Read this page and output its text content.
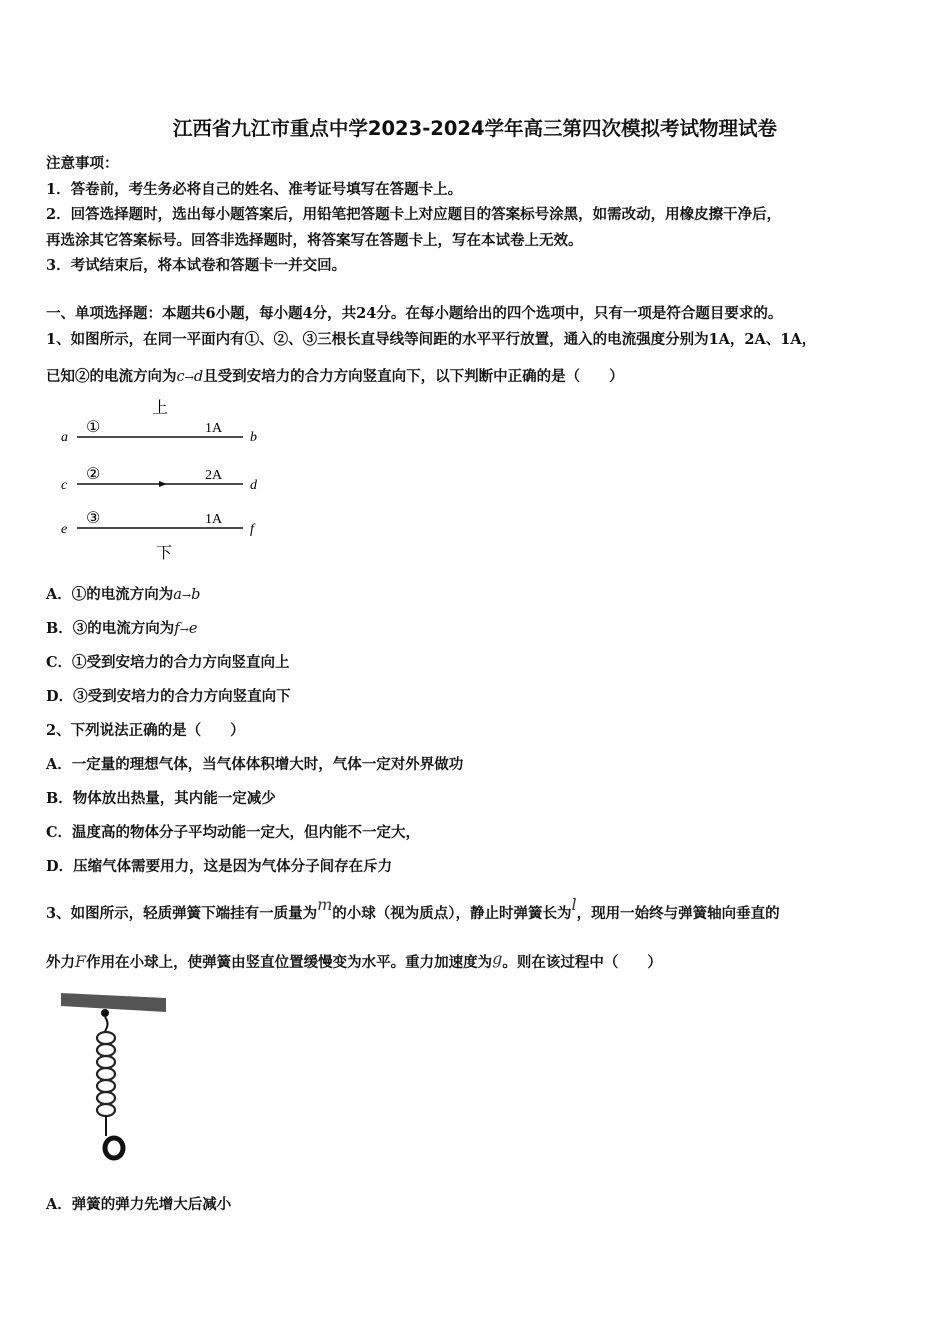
江西省九江市重点中学2023-2024学年高三第四次模拟考试物理试卷
注意事项：
1．答卷前，考生务必将自己的姓名、准考证号填写在答题卡上。
2．回答选择题时，选出每小题答案后，用铅笔把答题卡上对应题目的答案标号涂黑，如需改动，用橡皮擦干净后，
再选涂其它答案标号。回答非选择题时，将答案写在答题卡上，写在本试卷上无效。
3．考试结束后，将本试卷和答题卡一并交回。
一、单项选择题：本题共6小题，每小题4分，共24分。在每小题给出的四个选项中，只有一项是符合题目要求的。
1、如图所示，在同一平面内有①、②、③三根长直导线等间距的水平平行放置，通入的电流强度分别为1A，2A、1A，
已知②的电流方向为c→d且受到安培力的合力方向竖直向下，以下判断中正确的是（　　）
上
a
①	1A
b
c
②	2A
d
e
③	1A
f
下
A．①的电流方向为a→b
B．③的电流方向为f→e
C．①受到安培力的合力方向竖直向上
D．③受到安培力的合力方向竖直向下
2、下列说法正确的是（　　）
A．一定量的理想气体，当气体体积增大时，气体一定对外界做功
B．物体放出热量，其内能一定减少
C．温度高的物体分子平均动能一定大，但内能不一定大，
D．压缩气体需要用力，这是因为气体分子间存在斥力
3、如图所示，轻质弹簧下端挂有一质量为m的小球（视为质点），静止时弹簧长为l，现用一始终与弹簧轴向垂直的
外力F作用在小球上，使弹簧由竖直位置缓慢变为水平。重力加速度为g。则在该过程中（　　）
A．弹簧的弹力先增大后减小
